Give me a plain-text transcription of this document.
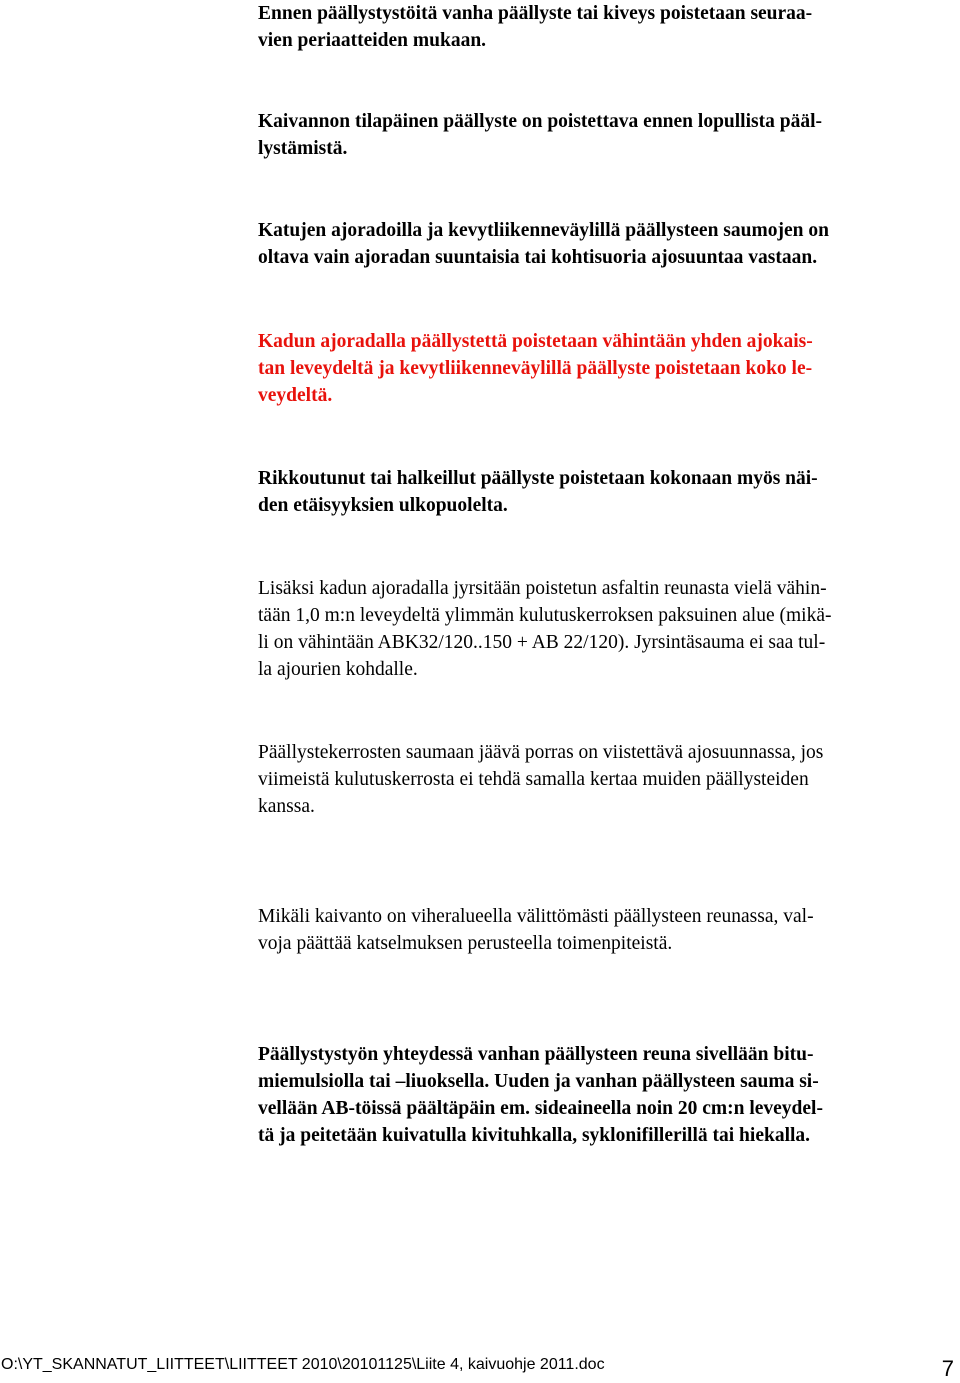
Ennen päällystystöitä vanha päällyste tai kiveys poistetaan seuraa-
vien periaatteiden mukaan.

Kaivannon tilapäinen päällyste on poistettava ennen lopullista pääl-
lystämistä.

Katujen ajoradoilla ja kevytliikenneväylillä päällysteen saumojen on
oltava vain ajoradan suuntaisia tai kohtisuoria ajosuuntaa vastaan.

Kadun ajoradalla päällystettä poistetaan vähintään yhden ajokais-
tan leveydeltä ja kevytliikenneväylillä päällyste poistetaan koko le-
veydeltä.

Rikkoutunut tai halkeillut päällyste poistetaan kokonaan myös näi-
den etäisyyksien ulkopuolelta.

Lisäksi kadun ajoradalla jyrsitään poistetun asfaltin reunasta vielä vähin-
tään 1,0 m:n leveydeltä ylimmän kulutuskerroksen paksuinen alue (mikä-
li on vähintään ABK32/120..150 + AB 22/120). Jyrsintäsauma ei saa tul-
la ajourien kohdalle.

Päällystekerrosten saumaan jäävä porras on viistettävä ajosuunnassa, jos
viimeistä kulutuskerrosta ei tehdä samalla kertaa muiden päällysteiden
kanssa.

Mikäli kaivanto on viheralueella välittömästi päällysteen reunassa, val-
voja päättää katselmuksen perusteella toimenpiteistä.

Päällystystyön yhteydessä vanhan päällysteen reuna sivellään bitu-
miemulsiolla tai –liuoksella. Uuden ja vanhan päällysteen sauma si-
vellään AB-töissä päältäpäin em. sideaineella noin 20 cm:n leveydel-
tä ja peitetään kuivatulla kivituhkalla, syklonifillerillä tai hiekalla.

O:\YT_SKANNATUT_LIITTEET\LIITTEET 2010\20101125\Liite 4, kaivuohje 2011.doc	7
